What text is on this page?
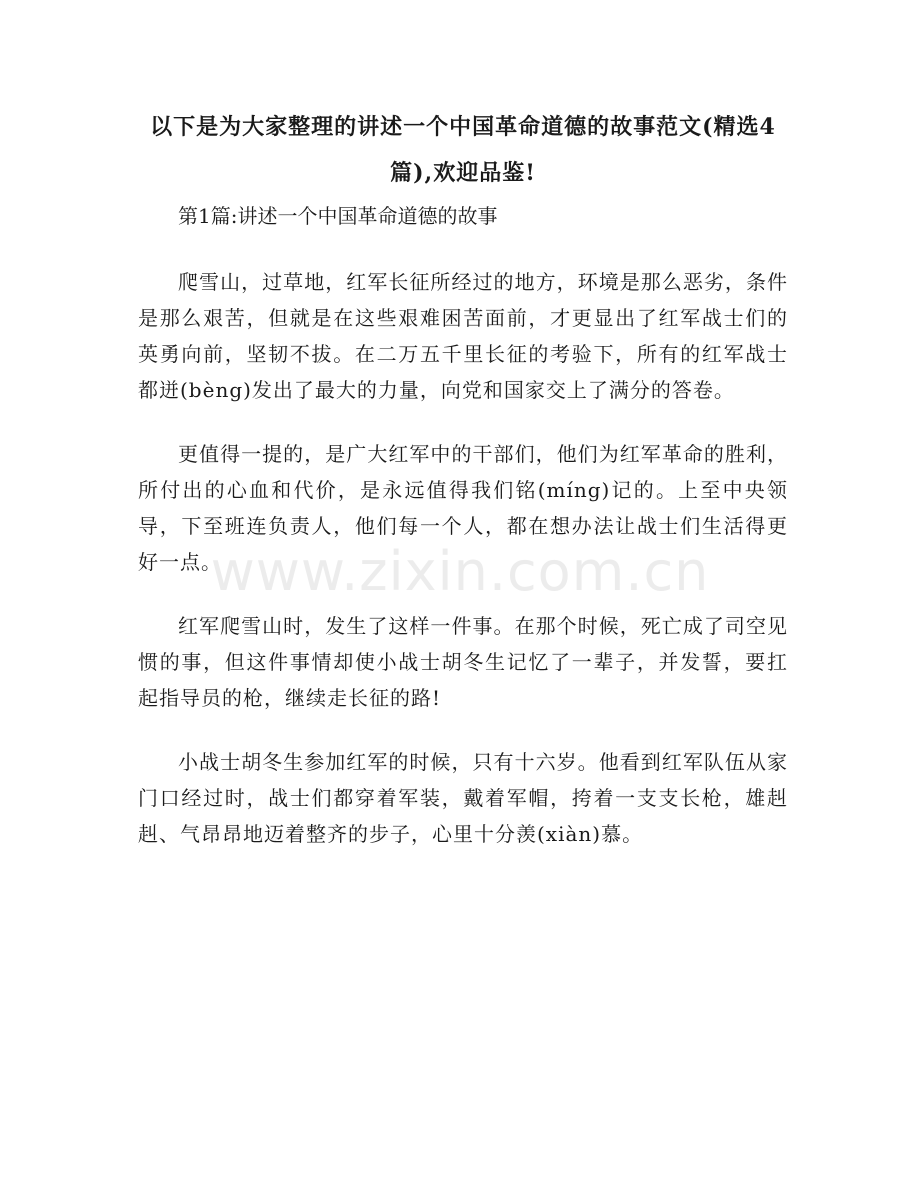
www.zixin.com.cn
以下是为大家整理的讲述一个中国革命道德的故事范文(精选4篇),欢迎品鉴!
第1篇:讲述一个中国革命道德的故事

爬雪山，过草地，红军长征所经过的地方，环境是那么恶劣，条件是那么艰苦，但就是在这些艰难困苦面前，才更显出了红军战士们的英勇向前，坚韧不拔。在二万五千里长征的考验下，所有的红军战士都迸(bèng)发出了最大的力量，向党和国家交上了满分的答卷。

更值得一提的，是广大红军中的干部们，他们为红军革命的胜利，所付出的心血和代价，是永远值得我们铭(míng)记的。上至中央领导，下至班连负责人，他们每一个人，都在想办法让战士们生活得更好一点。

红军爬雪山时，发生了这样一件事。在那个时候，死亡成了司空见惯的事，但这件事情却使小战士胡冬生记忆了一辈子，并发誓，要扛起指导员的枪，继续走长征的路!

小战士胡冬生参加红军的时候，只有十六岁。他看到红军队伍从家门口经过时，战士们都穿着军装，戴着军帽，挎着一支支长枪，雄赳赳、气昂昂地迈着整齐的步子，心里十分羡(xiàn)慕。
